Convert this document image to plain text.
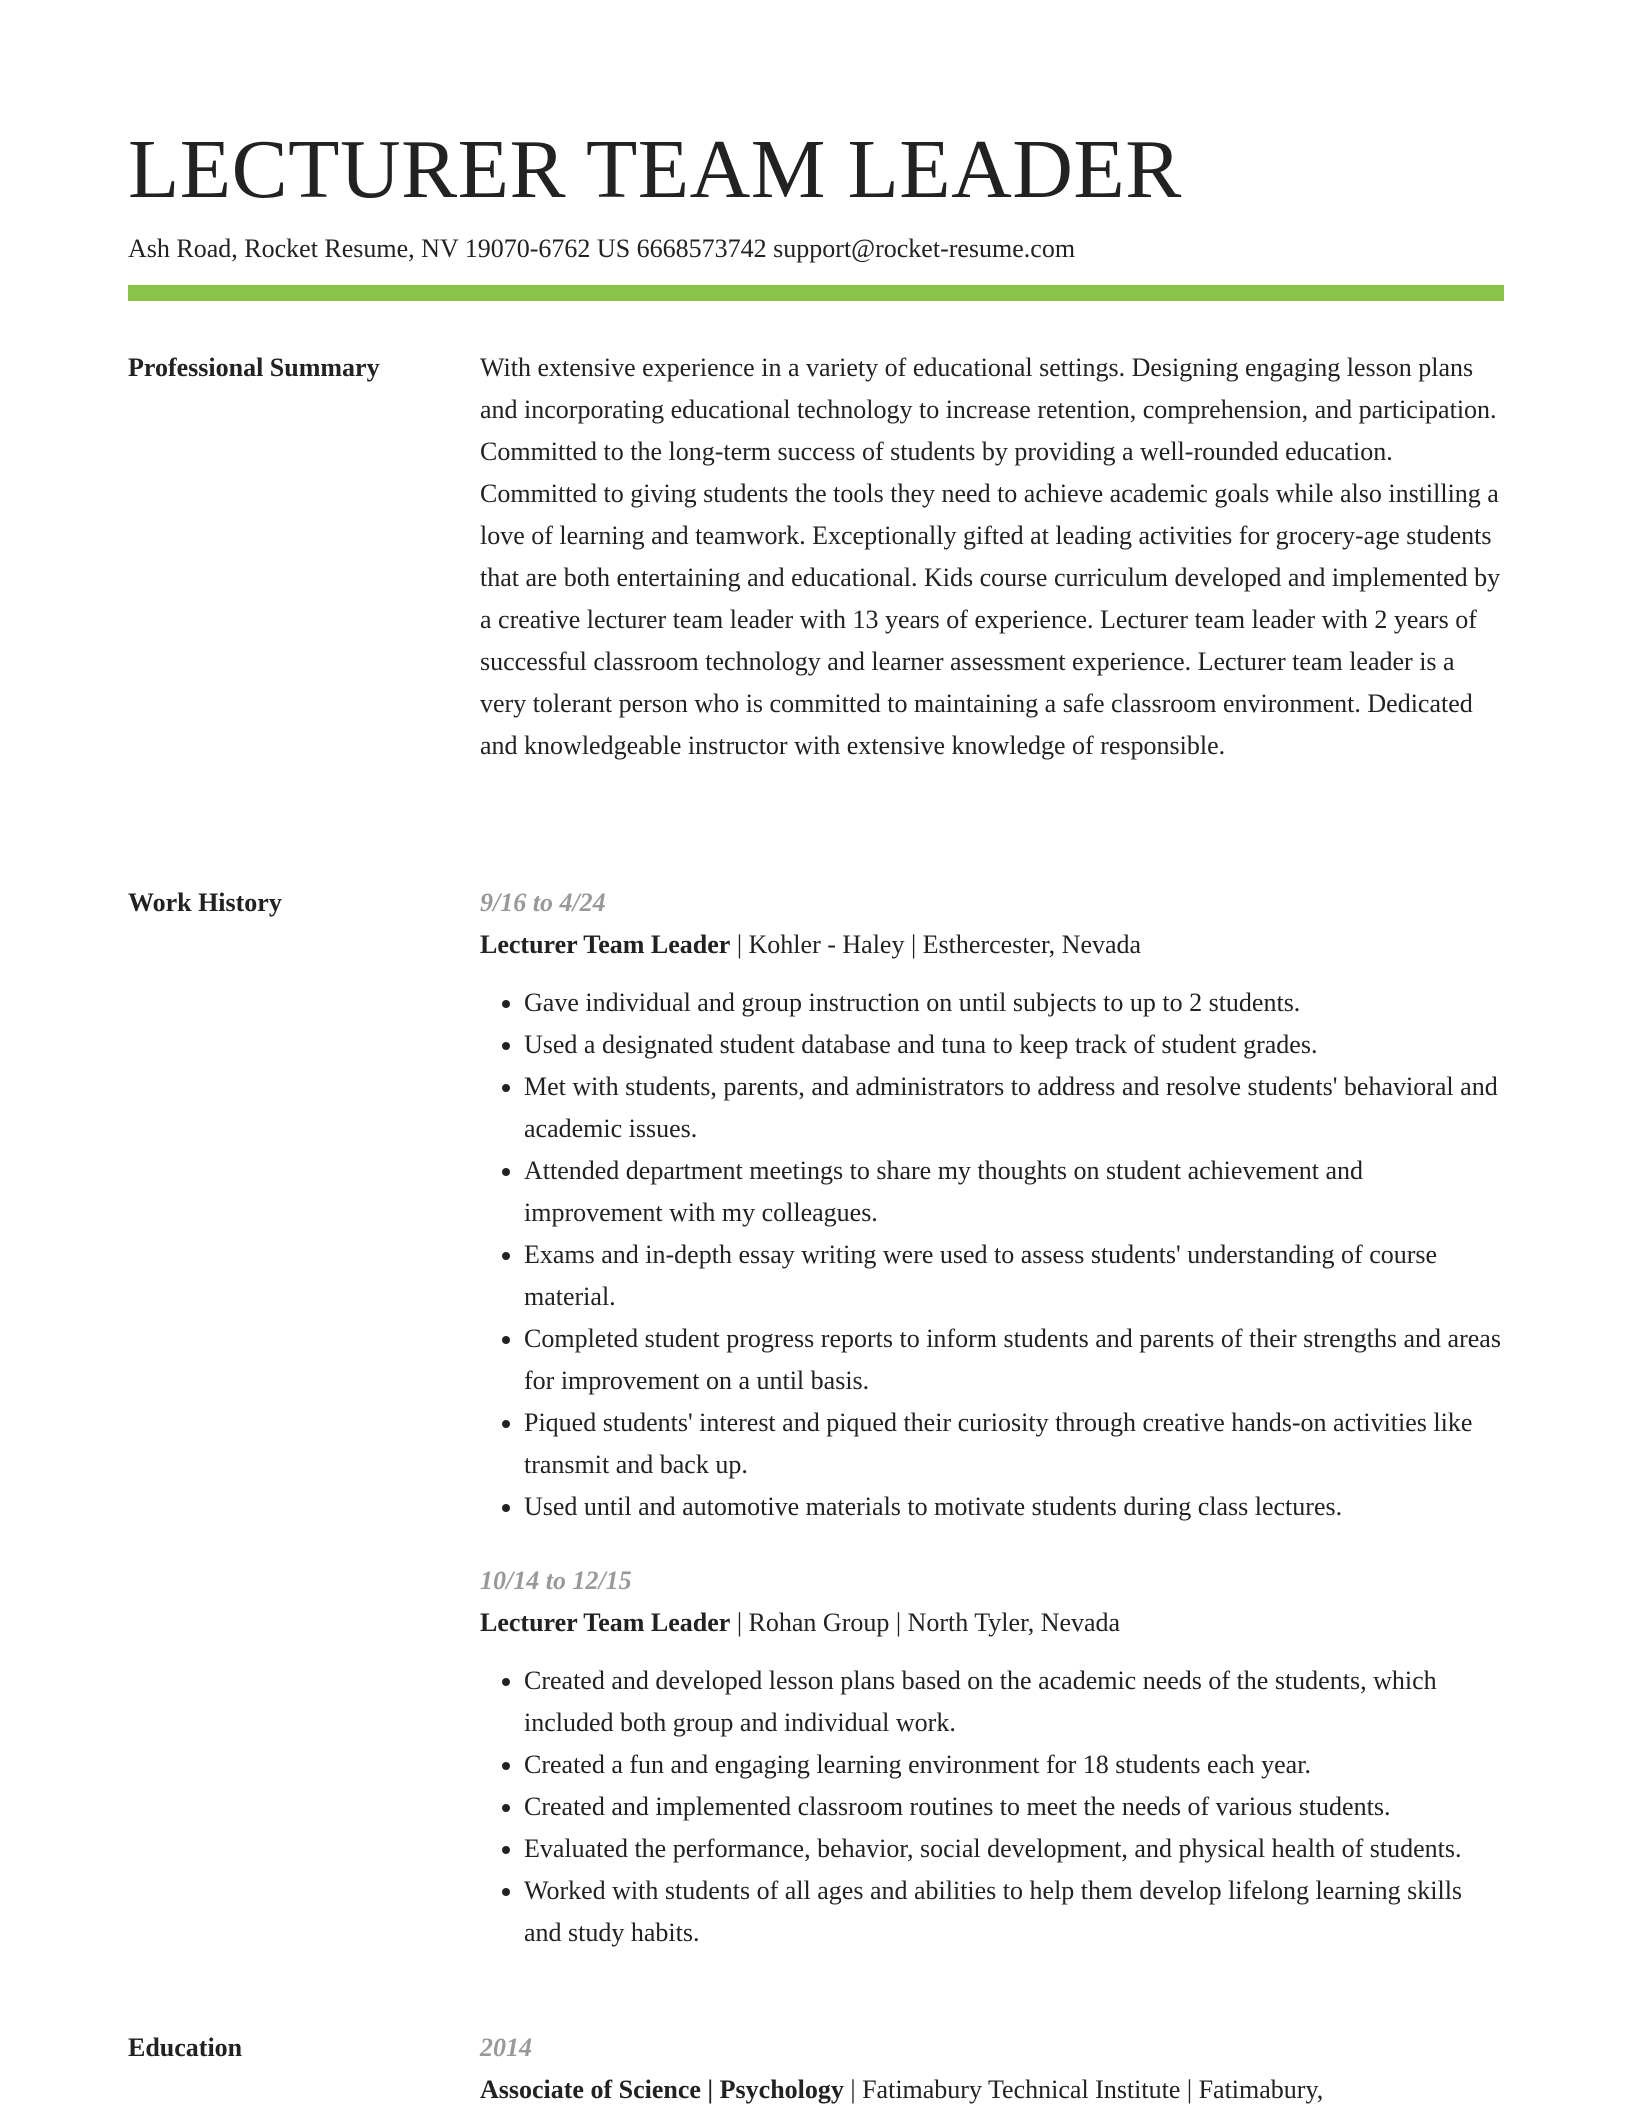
LECTURER TEAM LEADER
Ash Road, Rocket Resume, NV 19070-6762 US 6668573742 support@rocket-resume.com
Professional Summary	With extensive experience in a variety of educational settings. Designing engaging lesson plans and incorporating educational technology to increase retention, comprehension, and participation. Committed to the long-term success of students by providing a well-rounded education. Committed to giving students the tools they need to achieve academic goals while also instilling a love of learning and teamwork. Exceptionally gifted at leading activities for grocery-age students that are both entertaining and educational. Kids course curriculum developed and implemented by a creative lecturer team leader with 13 years of experience. Lecturer team leader with 2 years of successful classroom technology and learner assessment experience. Lecturer team leader is a very tolerant person who is committed to maintaining a safe classroom environment. Dedicated and knowledgeable instructor with extensive knowledge of responsible.

Work History	9/16 to 4/24
Lecturer Team Leader | Kohler - Haley | Esthercester, Nevada
• Gave individual and group instruction on until subjects to up to 2 students.
• Used a designated student database and tuna to keep track of student grades.
• Met with students, parents, and administrators to address and resolve students' behavioral and academic issues.
• Attended department meetings to share my thoughts on student achievement and improvement with my colleagues.
• Exams and in-depth essay writing were used to assess students' understanding of course material.
• Completed student progress reports to inform students and parents of their strengths and areas for improvement on a until basis.
• Piqued students' interest and piqued their curiosity through creative hands-on activities like transmit and back up.
• Used until and automotive materials to motivate students during class lectures.
10/14 to 12/15
Lecturer Team Leader | Rohan Group | North Tyler, Nevada
• Created and developed lesson plans based on the academic needs of the students, which included both group and individual work.
• Created a fun and engaging learning environment for 18 students each year.
• Created and implemented classroom routines to meet the needs of various students.
• Evaluated the performance, behavior, social development, and physical health of students.
• Worked with students of all ages and abilities to help them develop lifelong learning skills and study habits.
Education	2014
Associate of Science | Psychology | Fatimabury Technical Institute | Fatimabury,
